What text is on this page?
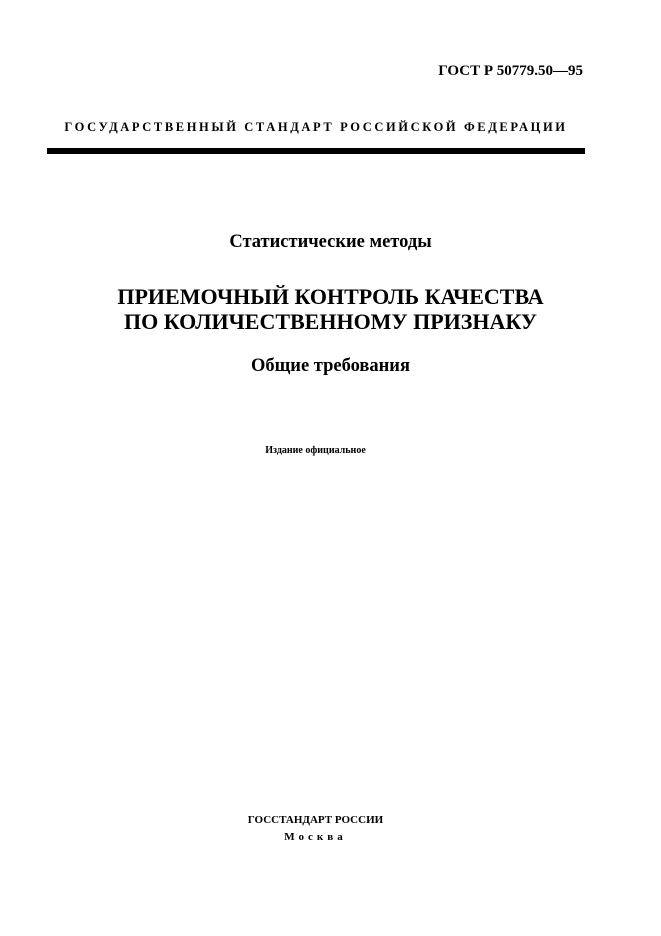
ГОСТ Р 50779.50—95
ГОСУДАРСТВЕННЫЙ СТАНДАРТ РОССИЙСКОЙ ФЕДЕРАЦИИ
Статистические методы
ПРИЕМОЧНЫЙ КОНТРОЛЬ КАЧЕСТВА
ПО КОЛИЧЕСТВЕННОМУ ПРИЗНАКУ
Общие требования
Издание официальное
ГОССТАНДАРТ РОССИИ
Москва
